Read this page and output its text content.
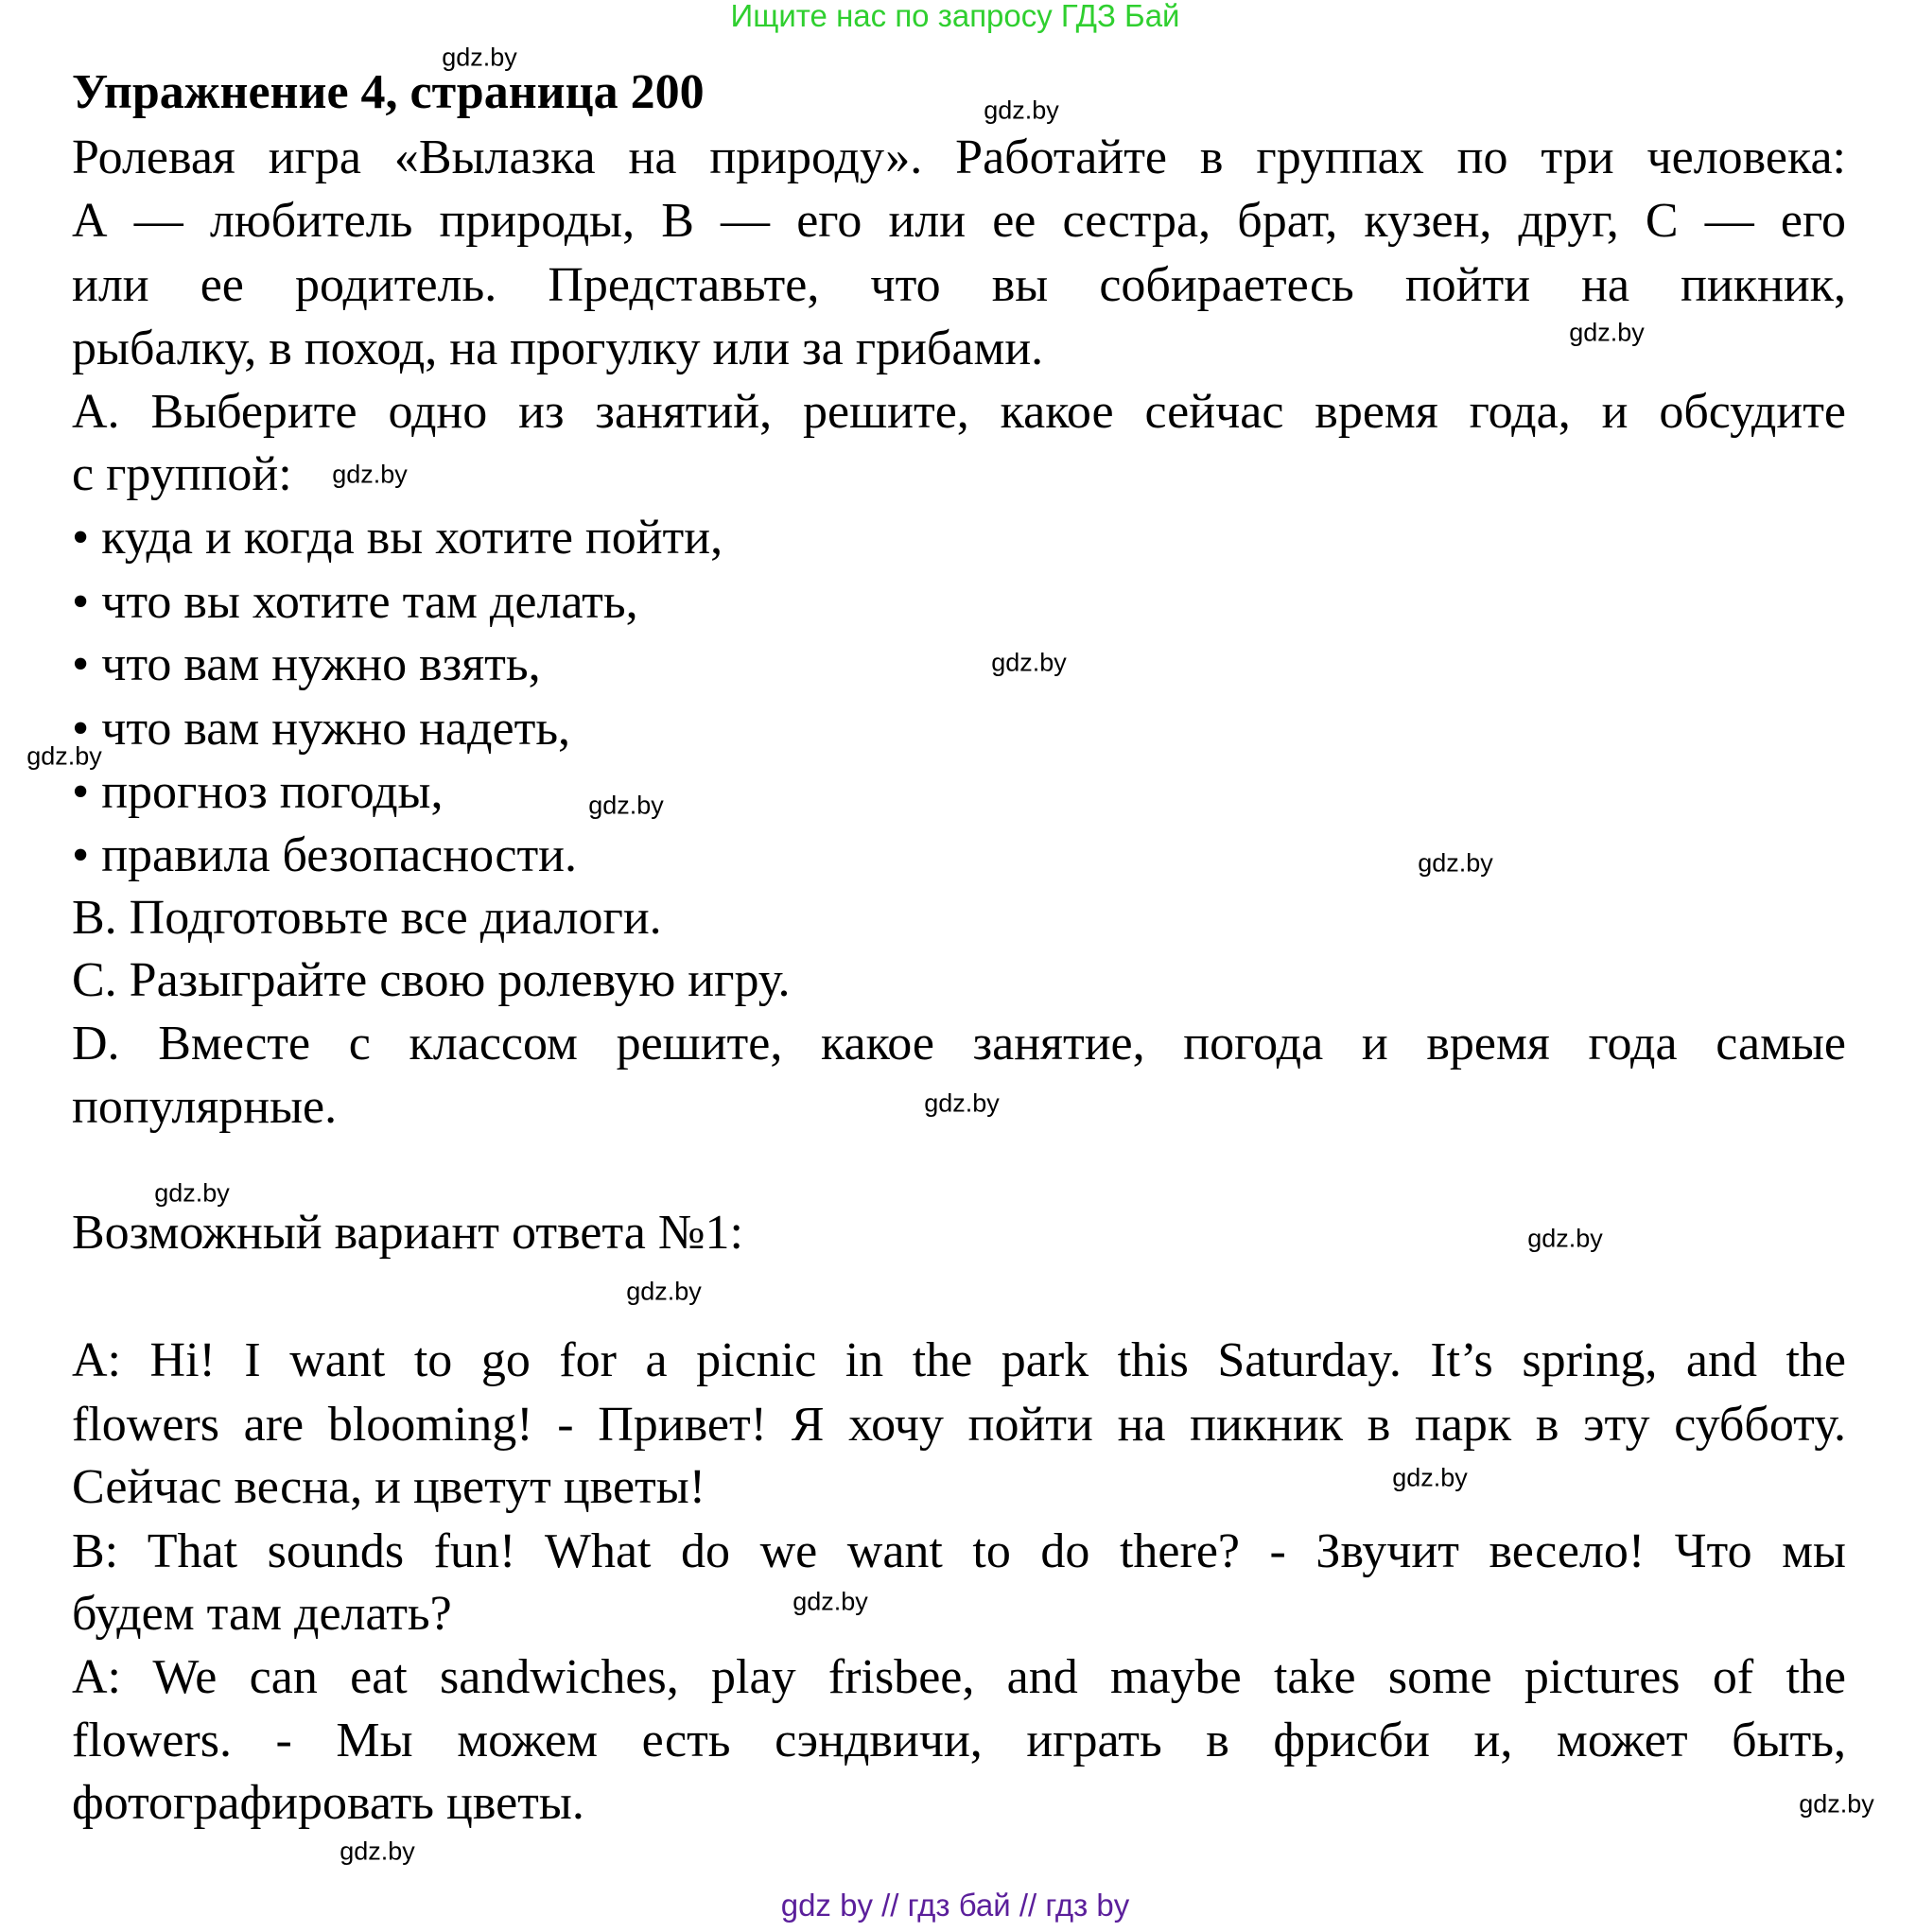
Ищите нас по запросу ГДЗ Бай
Упражнение 4, страница 200
Ролевая игра «Вылазка на природу». Работайте в группах по три человека:
А — любитель природы, В — его или ее сестра, брат, кузен, друг, С — его
или ее родитель. Представьте, что вы собираетесь пойти на пикник,
рыбалку, в поход, на прогулку или за грибами.
A. Выберите одно из занятий, решите, какое сейчас время года, и обсудите
с группой:
• куда и когда вы хотите пойти,
• что вы хотите там делать,
• что вам нужно взять,
• что вам нужно надеть,
• прогноз погоды,
• правила безопасности.
B. Подготовьте все диалоги.
C. Разыграйте свою ролевую игру.
D. Вместе с классом решите, какое занятие, погода и время года самые
популярные.
Возможный вариант ответа №1:
A: Hi! I want to go for a picnic in the park this Saturday. It’s spring, and the
flowers are blooming! - Привет! Я хочу пойти на пикник в парк в эту субботу.
Сейчас весна, и цветут цветы!
B: That sounds fun! What do we want to do there? - Звучит весело! Что мы
будем там делать?
A: We can eat sandwiches, play frisbee, and maybe take some pictures of the
flowers. - Мы можем есть сэндвичи, играть в фрисби и, может быть,
фотографировать цветы.
gdz.by
gdz.by
gdz.by
gdz.by
gdz.by
gdz.by
gdz.by
gdz.by
gdz.by
gdz.by
gdz.by
gdz.by
gdz.by
gdz.by
gdz.by
gdz.by
gdz by // гдз бай // гдз by
